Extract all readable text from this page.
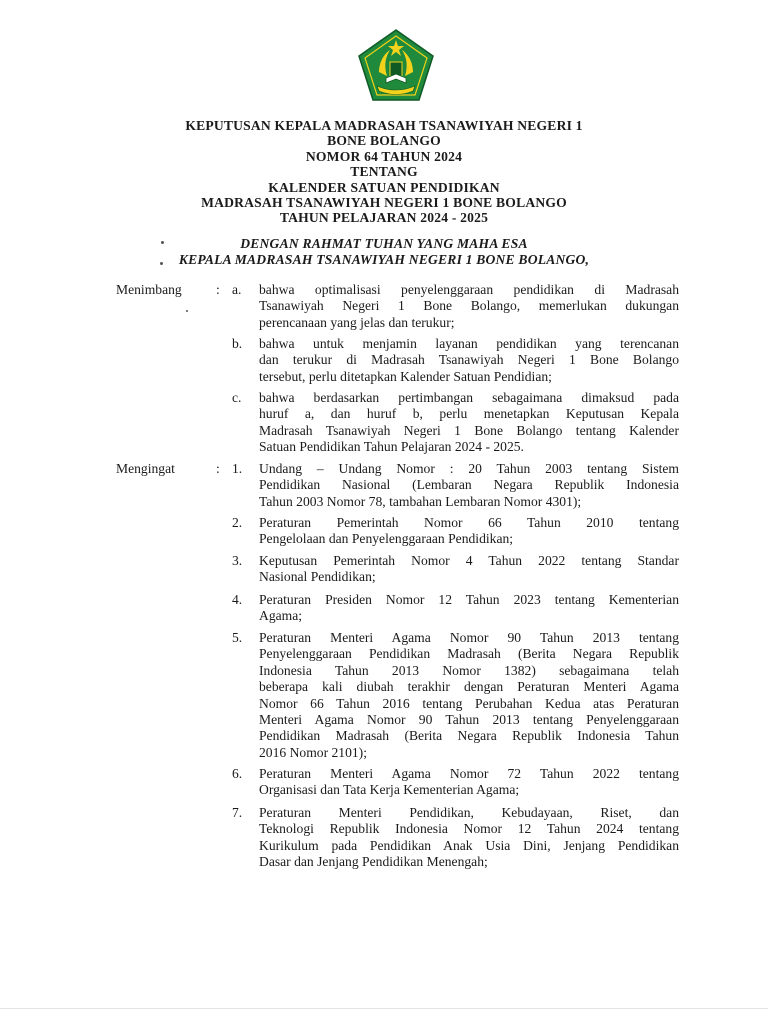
KEPUTUSAN KEPALA MADRASAH TSANAWIYAH NEGERI 1
BONE BOLANGO
NOMOR 64 TAHUN 2024
TENTANG
KALENDER SATUAN PENDIDIKAN
MADRASAH TSANAWIYAH NEGERI 1 BONE BOLANGO
TAHUN PELAJARAN 2024 - 2025
DENGAN RAHMAT TUHAN YANG MAHA ESA
KEPALA MADRASAH TSANAWIYAH NEGERI 1 BONE BOLANGO,
Menimbang	: a. bahwa optimalisasi penyelenggaraan pendidikan di Madrasah
Tsanawiyah Negeri 1 Bone Bolango, memerlukan dukungan
perencanaan yang jelas dan terukur;
b. bahwa untuk menjamin layanan pendidikan yang terencanan
dan terukur di Madrasah Tsanawiyah Negeri 1 Bone Bolango
tersebut, perlu ditetapkan Kalender Satuan Pendidian;
c. bahwa berdasarkan pertimbangan sebagaimana dimaksud pada
huruf a, dan huruf b, perlu menetapkan Keputusan Kepala
Madrasah Tsanawiyah Negeri 1 Bone Bolango tentang Kalender
Satuan Pendidikan Tahun Pelajaran 2024 - 2025.
Mengingat	: 1. Undang – Undang Nomor : 20 Tahun 2003 tentang Sistem
Pendidikan Nasional (Lembaran Negara Republik Indonesia
Tahun 2003 Nomor 78, tambahan Lembaran Nomor 4301);
2. Peraturan Pemerintah Nomor 66 Tahun 2010 tentang
Pengelolaan dan Penyelenggaraan Pendidikan;
3. Keputusan Pemerintah Nomor 4 Tahun 2022 tentang Standar
Nasional Pendidikan;
4. Peraturan Presiden Nomor 12 Tahun 2023 tentang Kementerian
Agama;
5. Peraturan Menteri Agama Nomor 90 Tahun 2013 tentang
Penyelenggaraan Pendidikan Madrasah (Berita Negara Republik
Indonesia Tahun 2013 Nomor 1382) sebagaimana telah
beberapa kali diubah terakhir dengan Peraturan Menteri Agama
Nomor 66 Tahun 2016 tentang Perubahan Kedua atas Peraturan
Menteri Agama Nomor 90 Tahun 2013 tentang Penyelenggaraan
Pendidikan Madrasah (Berita Negara Republik Indonesia Tahun
2016 Nomor 2101);
6. Peraturan Menteri Agama Nomor 72 Tahun 2022 tentang
Organisasi dan Tata Kerja Kementerian Agama;
7. Peraturan Menteri Pendidikan, Kebudayaan, Riset, dan
Teknologi Republik Indonesia Nomor 12 Tahun 2024 tentang
Kurikulum pada Pendidikan Anak Usia Dini, Jenjang Pendidikan
Dasar dan Jenjang Pendidikan Menengah;
